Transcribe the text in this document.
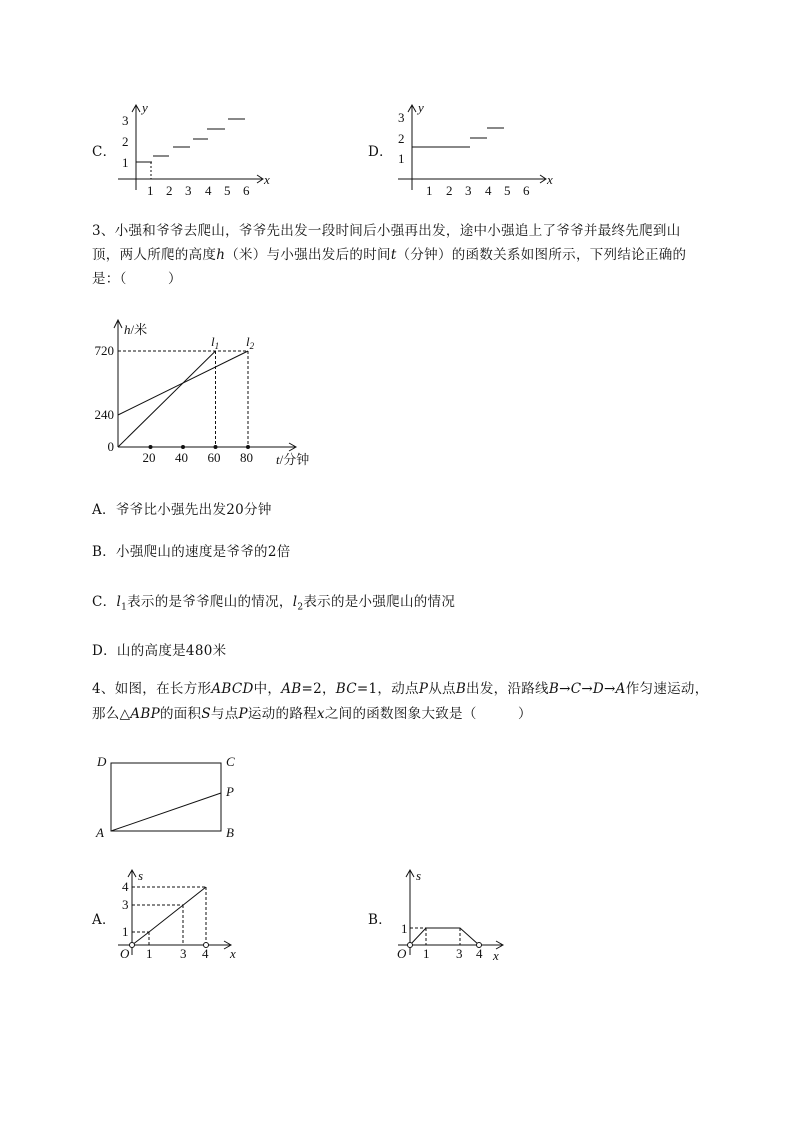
C．
y
x
1
2
3
1 2 3 4 5 6
D．
y
x
1
2
3
1 2 3 4 5 6
3、小强和爷爷去爬山，爷爷先出发一段时间后小强再出发，途中小强追上了爷爷并最终先爬到山
顶，两人所爬的高度h（米）与小强出发后的时间t（分钟）的函数关系如图所示，下列结论正确的
是：（　　　）
20 40 60 80
720
240
0
h/米
t/分钟
$l_1$ $l_2$
A．爷爷比小强先出发20分钟
B．小强爬山的速度是爷爷的2倍
C．$l_1$表示的是爷爷爬山的情况，$l_2$表示的是小强爬山的情况
D．山的高度是480米
4、如图，在长方形ABCD中，AB=2，BC=1，动点P从点B出发，沿路线B→C→D→A作匀速运动，
那么△ABP的面积S与点P运动的路程x之间的函数图象大致是（　　　）
D	C
P
A	B
A．
s
x
O
4
3
1
1 3 4
B．
s
x
O
1
1 3 4
